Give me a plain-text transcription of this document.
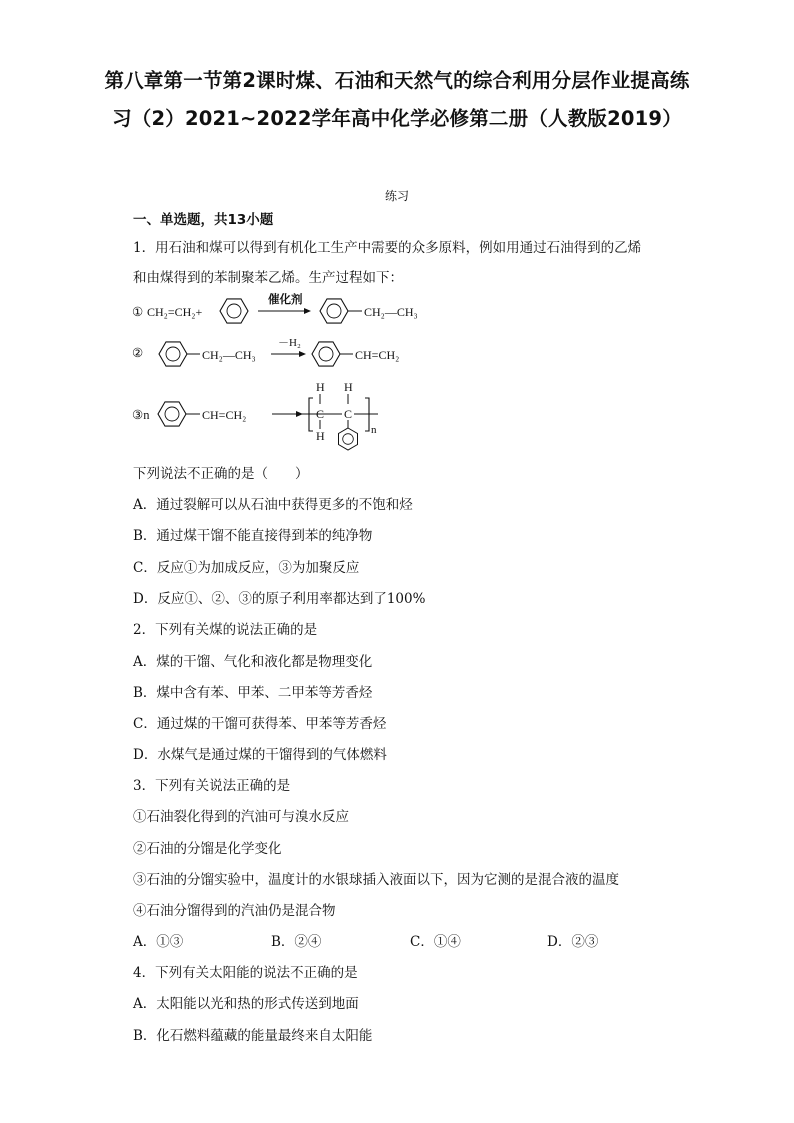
第八章第一节第2课时煤、石油和天然气的综合利用分层作业提高练习（2）2021~2022学年高中化学必修第二册（人教版2019）
练习
一、单选题，共13小题
1．用石油和煤可以得到有机化工生产中需要的众多原料，例如用通过石油得到的乙烯
和由煤得到的苯制聚苯乙烯。生产过程如下：
① CH₂=CH₂+
催化剂
CH₂—CH₃
②	CH₂—CH₃
－H₂
CH=CH₂
③n	CH=CH₂
H H
C C
H	n
下列说法不正确的是（　　）
A．通过裂解可以从石油中获得更多的不饱和烃
B．通过煤干馏不能直接得到苯的纯净物
C．反应①为加成反应，③为加聚反应
D．反应①、②、③的原子利用率都达到了100%
2．下列有关煤的说法正确的是
A．煤的干馏、气化和液化都是物理变化
B．煤中含有苯、甲苯、二甲苯等芳香烃
C．通过煤的干馏可获得苯、甲苯等芳香烃
D．水煤气是通过煤的干馏得到的气体燃料
3．下列有关说法正确的是
①石油裂化得到的汽油可与溴水反应
②石油的分馏是化学变化
③石油的分馏实验中，温度计的水银球插入液面以下，因为它测的是混合液的温度
④石油分馏得到的汽油仍是混合物
A．①③	B．②④	C．①④	D．②③
4．下列有关太阳能的说法不正确的是
A．太阳能以光和热的形式传送到地面
B．化石燃料蕴藏的能量最终来自太阳能
